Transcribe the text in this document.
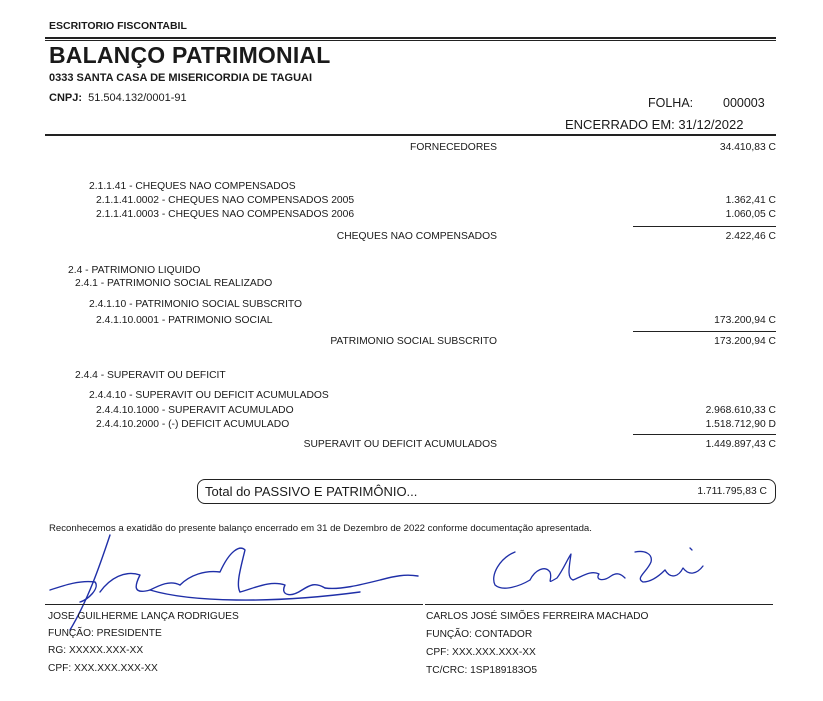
ESCRITORIO FISCONTABIL
BALANÇO PATRIMONIAL
0333 SANTA CASA DE MISERICORDIA DE TAGUAI
CNPJ: 51.504.132/0001-91	FOLHA: 000003
ENCERRADO EM: 31/12/2022
FORNECEDORES	34.410,83 C
2.1.1.41 - CHEQUES NAO COMPENSADOS
2.1.1.41.0002 - CHEQUES NAO COMPENSADOS 2005	1.362,41 C
2.1.1.41.0003 - CHEQUES NAO COMPENSADOS 2006	1.060,05 C
CHEQUES NAO COMPENSADOS	2.422,46 C
2.4 - PATRIMONIO LIQUIDO
2.4.1 - PATRIMONIO SOCIAL REALIZADO
2.4.1.10 - PATRIMONIO SOCIAL SUBSCRITO
2.4.1.10.0001 - PATRIMONIO SOCIAL	173.200,94 C
PATRIMONIO SOCIAL SUBSCRITO	173.200,94 C
2.4.4 - SUPERAVIT OU DEFICIT
2.4.4.10 - SUPERAVIT OU DEFICIT ACUMULADOS
2.4.4.10.1000 - SUPERAVIT ACUMULADO	2.968.610,33 C
2.4.4.10.2000 - (-) DEFICIT ACUMULADO	1.518.712,90 D
SUPERAVIT OU DEFICIT ACUMULADOS	1.449.897,43 C
Total do PASSIVO E PATRIMÔNIO...	1.711.795,83 C
Reconhecemos a exatidão do presente balanço encerrado em 31 de Dezembro de 2022 conforme documentação apresentada.
JOSE GUILHERME LANÇA RODRIGUES
FUNÇÃO: PRESIDENTE
RG: XXXXX.XXX-XX
CPF: XXX.XXX.XXX-XX
CARLOS JOSÉ SIMÕES FERREIRA MACHADO
FUNÇÃO: CONTADOR
CPF: XXX.XXX.XXX-XX
TC/CRC: 1SP189183O5
